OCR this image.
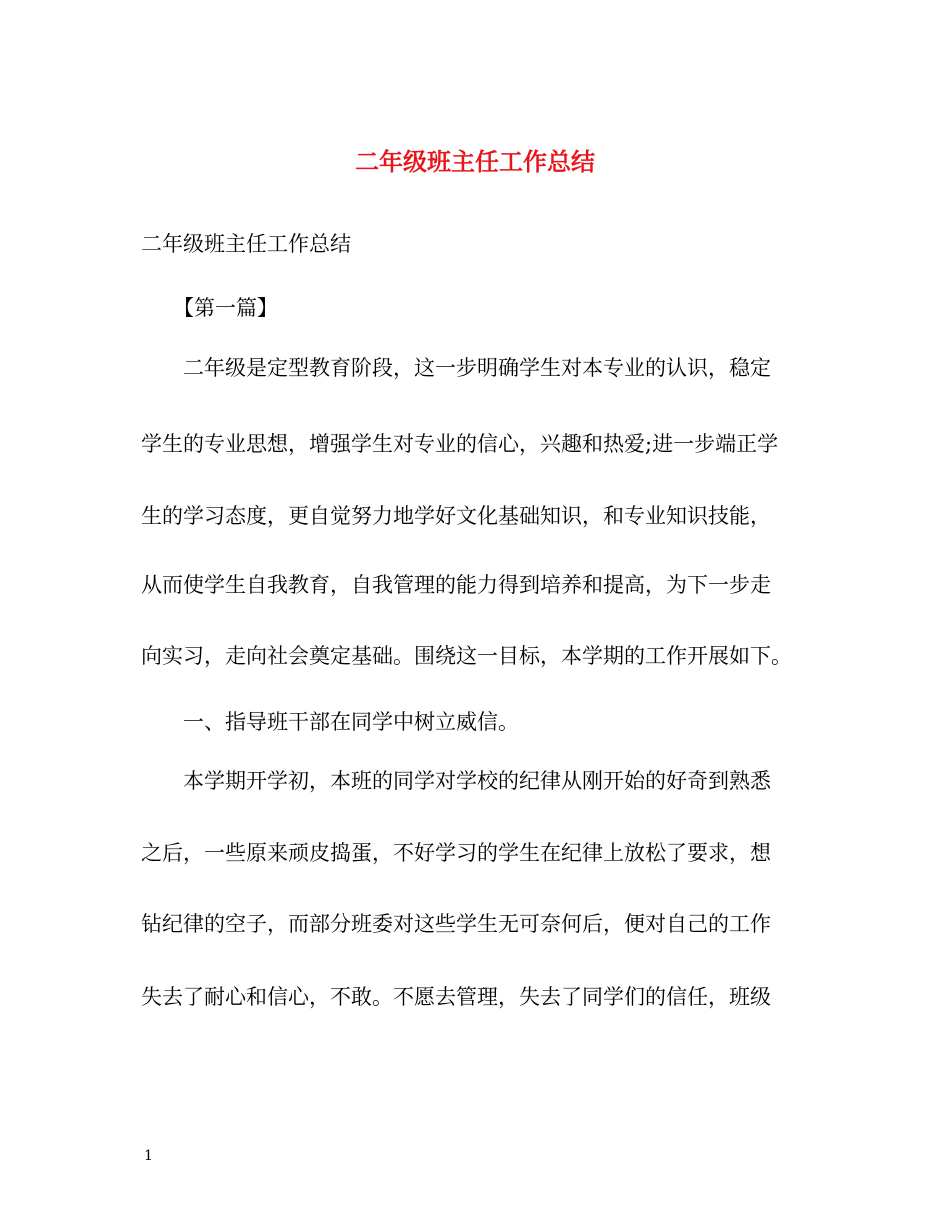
二年级班主任工作总结

二年级班主任工作总结

【第一篇】

二年级是定型教育阶段，这一步明确学生对本专业的认识，稳定

学生的专业思想，增强学生对专业的信心，兴趣和热爱;进一步端正学

生的学习态度，更自觉努力地学好文化基础知识，和专业知识技能，

从而使学生自我教育，自我管理的能力得到培养和提高，为下一步走

向实习，走向社会奠定基础。围绕这一目标，本学期的工作开展如下。

一、指导班干部在同学中树立威信。

本学期开学初，本班的同学对学校的纪律从刚开始的好奇到熟悉

之后，一些原来顽皮捣蛋，不好学习的学生在纪律上放松了要求，想

钻纪律的空子，而部分班委对这些学生无可奈何后，便对自己的工作

失去了耐心和信心，不敢。不愿去管理，失去了同学们的信任，班级

1
